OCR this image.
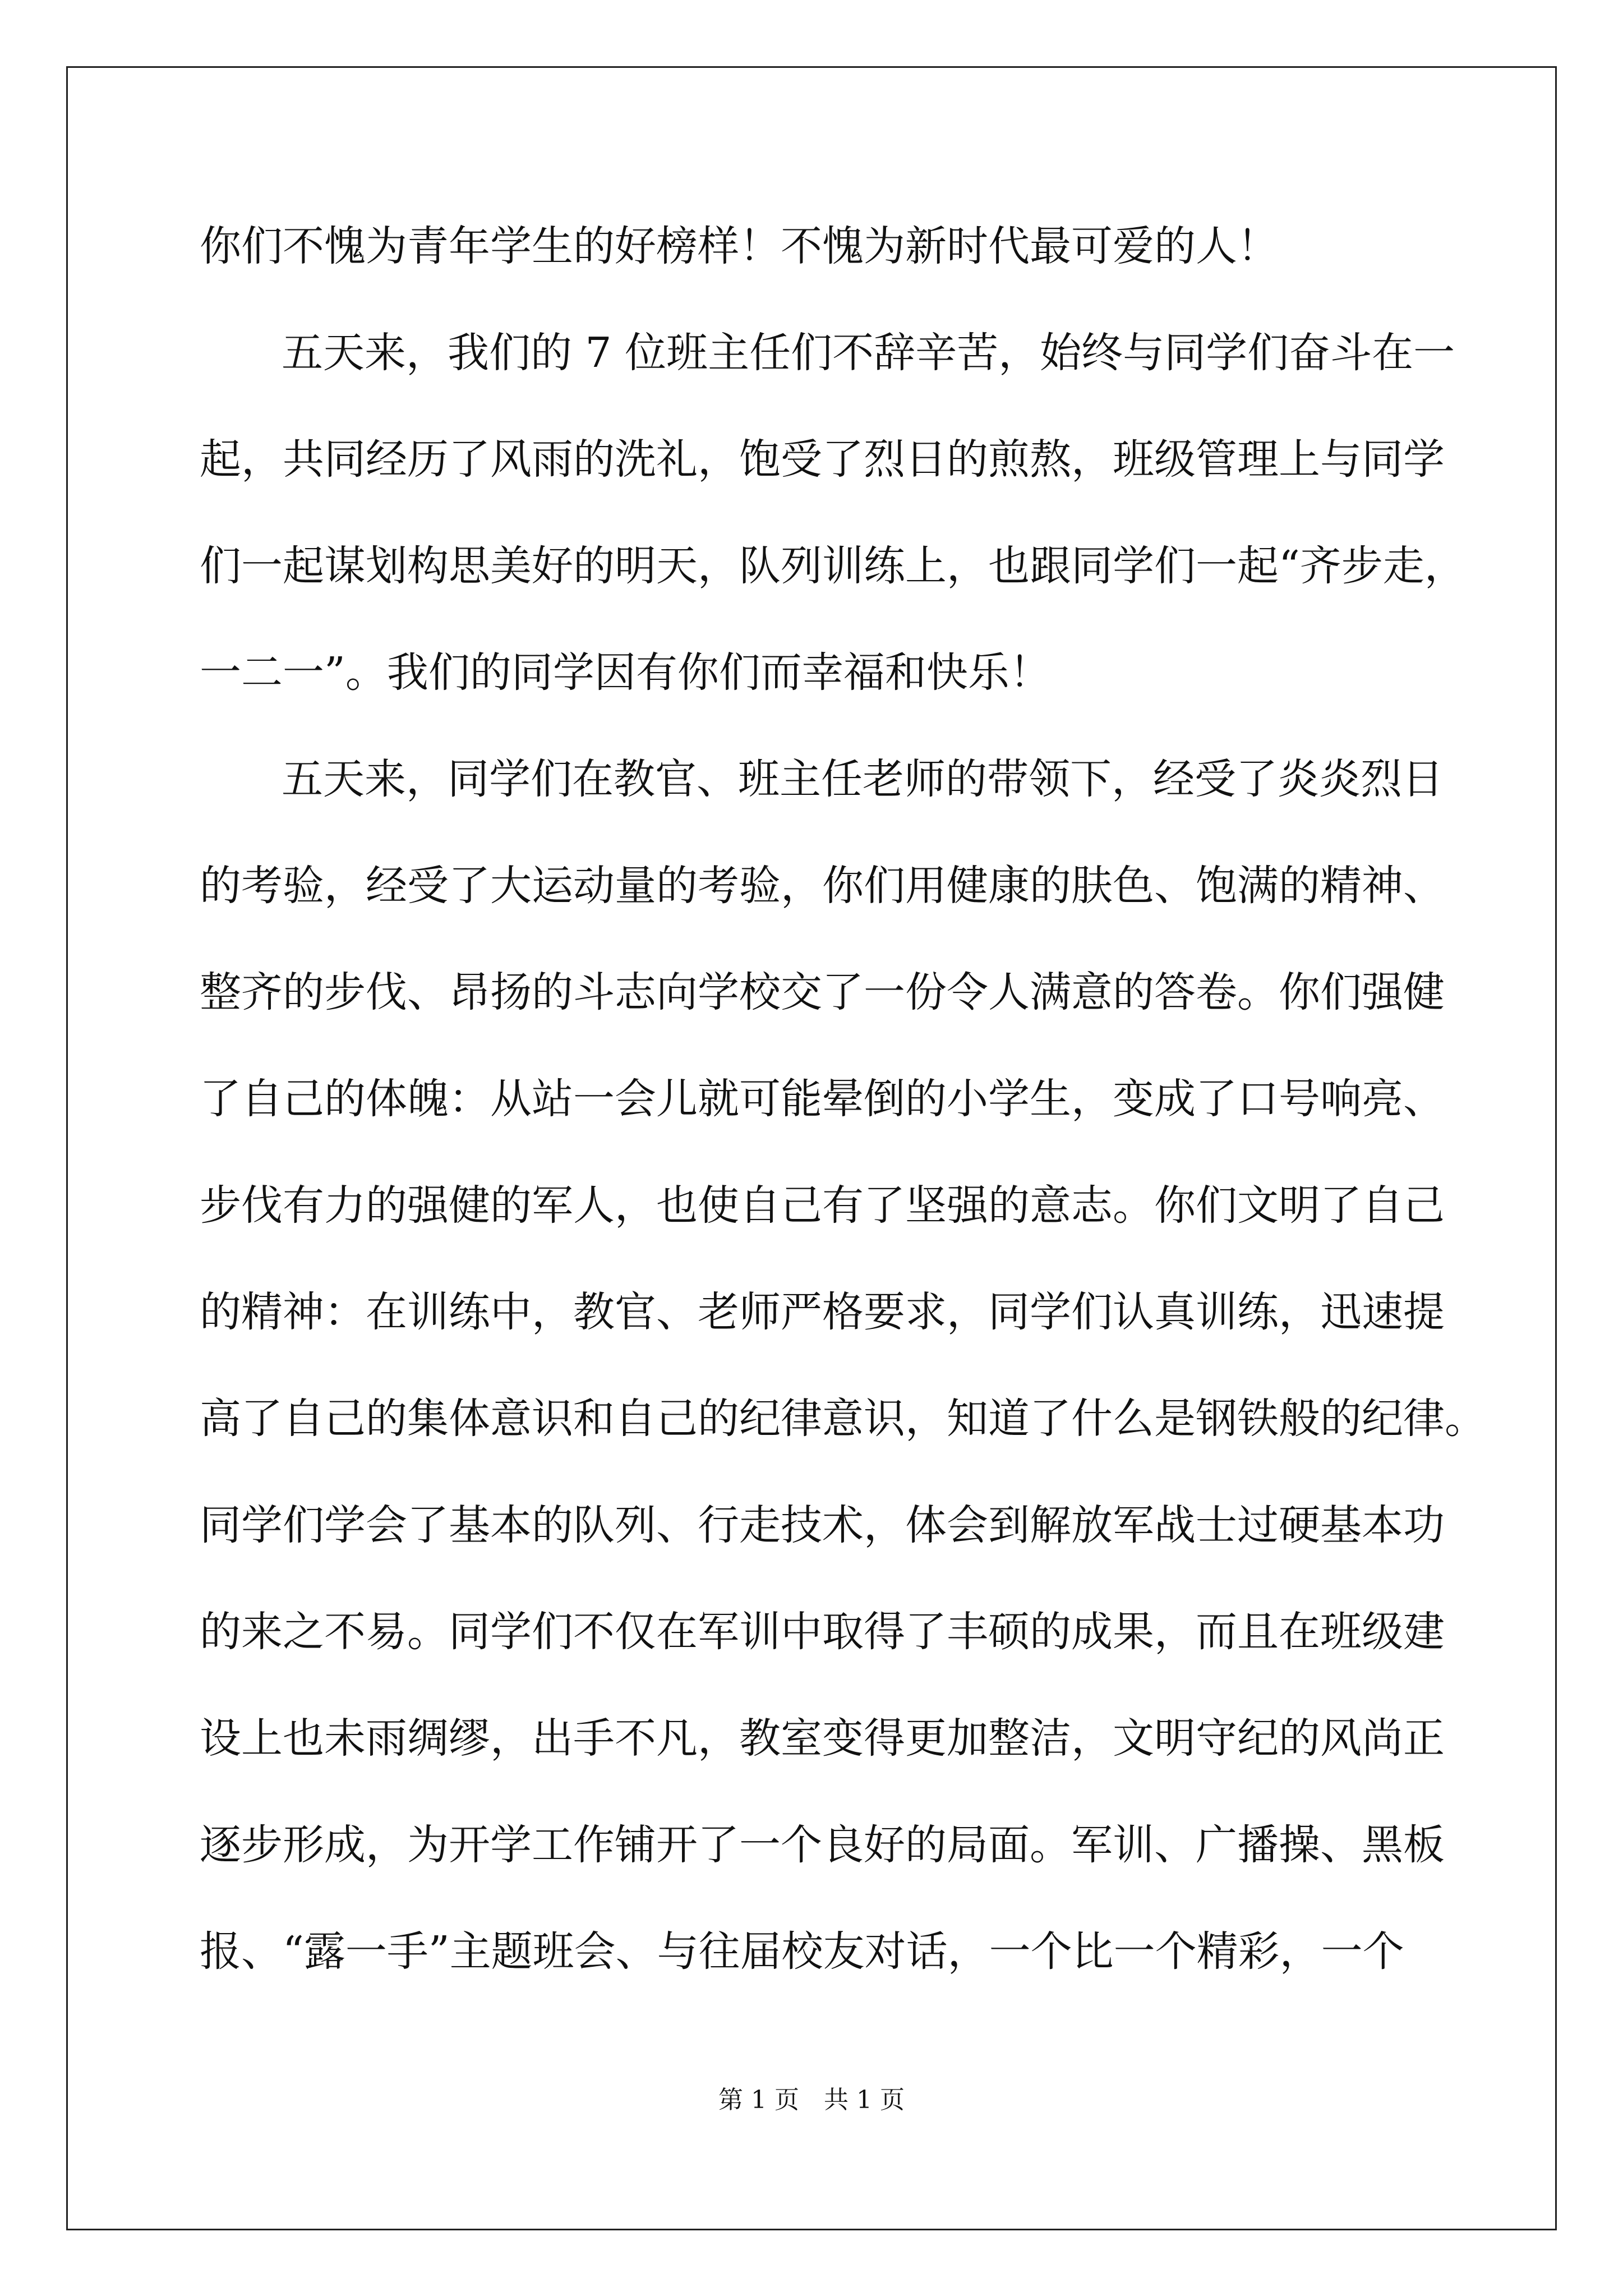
你们不愧为青年学生的好榜样！不愧为新时代最可爱的人！
五天来，我们的 7 位班主任们不辞辛苦，始终与同学们奋斗在一
起，共同经历了风雨的洗礼，饱受了烈日的煎熬，班级管理上与同学
们一起谋划构思美好的明天，队列训练上，也跟同学们一起“齐步走，
一二一”。我们的同学因有你们而幸福和快乐！
五天来，同学们在教官、班主任老师的带领下，经受了炎炎烈日
的考验，经受了大运动量的考验，你们用健康的肤色、饱满的精神、
整齐的步伐、昂扬的斗志向学校交了一份令人满意的答卷。你们强健
了自己的体魄：从站一会儿就可能晕倒的小学生，变成了口号响亮、
步伐有力的强健的军人，也使自己有了坚强的意志。你们文明了自己
的精神：在训练中，教官、老师严格要求，同学们认真训练，迅速提
高了自己的集体意识和自己的纪律意识，知道了什么是钢铁般的纪律。
同学们学会了基本的队列、行走技术，体会到解放军战士过硬基本功
的来之不易。同学们不仅在军训中取得了丰硕的成果，而且在班级建
设上也未雨绸缪，出手不凡，教室变得更加整洁，文明守纪的风尚正
逐步形成，为开学工作铺开了一个良好的局面。军训、广播操、黑板
报、“露一手”主题班会、与往届校友对话，一个比一个精彩，一个
第 1 页　共 1 页
